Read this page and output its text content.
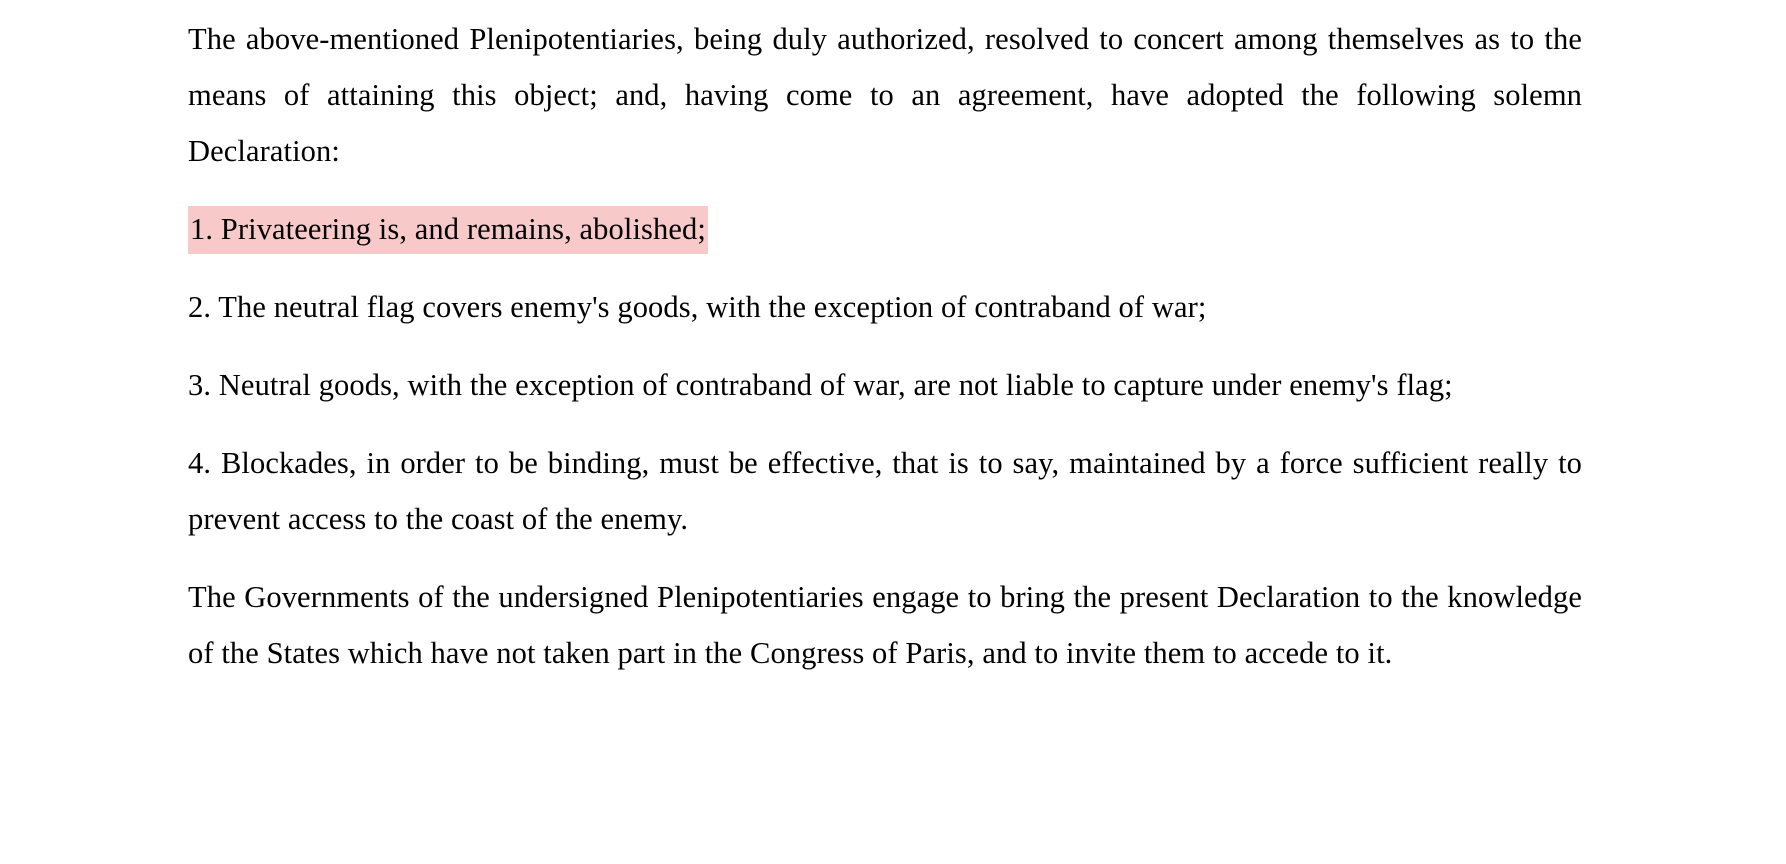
The above-mentioned Plenipotentiaries, being duly authorized, resolved to concert among themselves as to the means of attaining this object; and, having come to an agreement, have adopted the following solemn Declaration:

1. Privateering is, and remains, abolished;

2. The neutral flag covers enemy's goods, with the exception of contraband of war;

3. Neutral goods, with the exception of contraband of war, are not liable to capture under enemy's flag;

4. Blockades, in order to be binding, must be effective, that is to say, maintained by a force sufficient really to prevent access to the coast of the enemy.

The Governments of the undersigned Plenipotentiaries engage to bring the present Declaration to the knowledge of the States which have not taken part in the Congress of Paris, and to invite them to accede to it.
